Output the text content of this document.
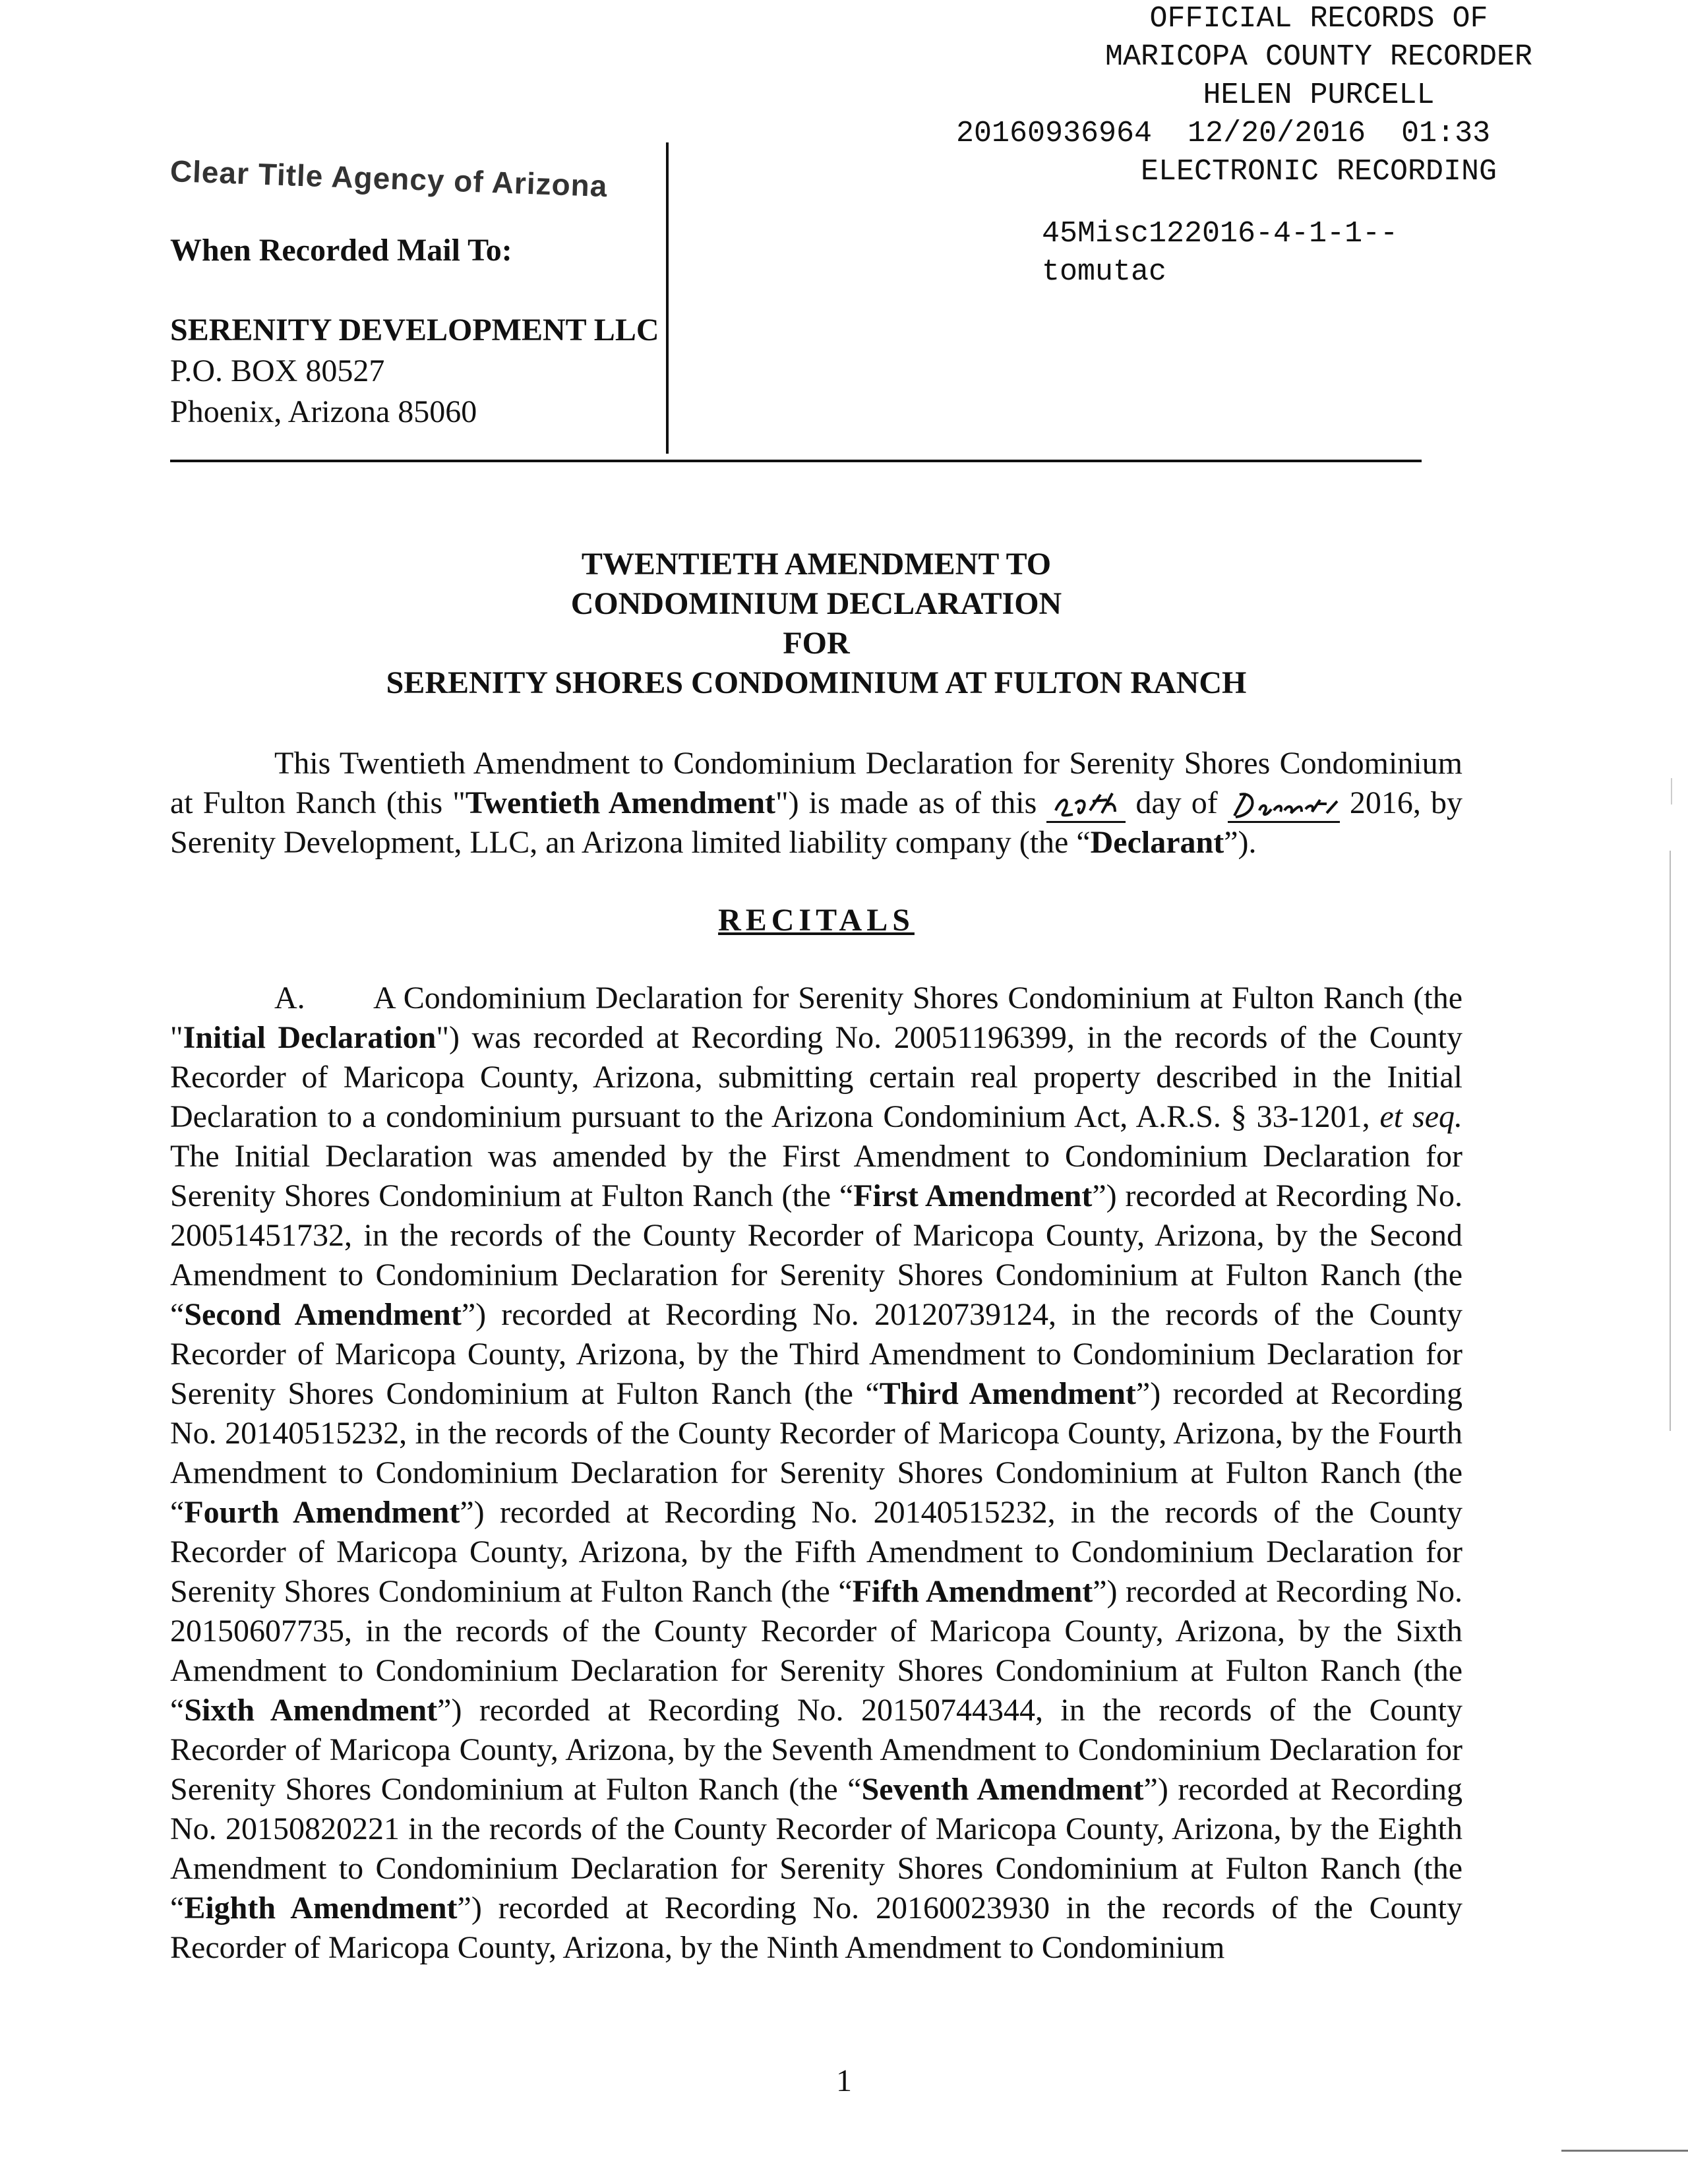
OFFICIAL RECORDS OF
MARICOPA COUNTY RECORDER
HELEN PURCELL
20160936964  12/20/2016  01:33
ELECTRONIC RECORDING
45Misc122016-4-1-1--
tomutac
Clear Title Agency of Arizona
When Recorded Mail To:
SERENITY DEVELOPMENT LLC
P.O. BOX 80527
Phoenix, Arizona 85060
TWENTIETH AMENDMENT TO
CONDOMINIUM DECLARATION
FOR
SERENITY SHORES CONDOMINIUM AT FULTON RANCH
This Twentieth Amendment to Condominium Declaration for Serenity Shores Condominium at Fulton Ranch (this "Twentieth Amendment") is made as of this	day of	2016, by Serenity Development, LLC, an Arizona limited liability company (the “Declarant”).
RECITALS
A. A Condominium Declaration for Serenity Shores Condominium at Fulton Ranch (the "Initial Declaration") was recorded at Recording No. 20051196399, in the records of the County Recorder of Maricopa County, Arizona, submitting certain real property described in the Initial Declaration to a condominium pursuant to the Arizona Condominium Act, A.R.S. § 33-1201, et seq. The Initial Declaration was amended by the First Amendment to Condominium Declaration for Serenity Shores Condominium at Fulton Ranch (the “First Amendment”) recorded at Recording No. 20051451732, in the records of the County Recorder of Maricopa County, Arizona, by the Second Amendment to Condominium Declaration for Serenity Shores Condominium at Fulton Ranch (the “Second Amendment”) recorded at Recording No. 20120739124, in the records of the County Recorder of Maricopa County, Arizona, by the Third Amendment to Condominium Declaration for Serenity Shores Condominium at Fulton Ranch (the “Third Amendment”) recorded at Recording No. 20140515232, in the records of the County Recorder of Maricopa County, Arizona, by the Fourth Amendment to Condominium Declaration for Serenity Shores Condominium at Fulton Ranch (the “Fourth Amendment”) recorded at Recording No. 20140515232, in the records of the County Recorder of Maricopa County, Arizona, by the Fifth Amendment to Condominium Declaration for Serenity Shores Condominium at Fulton Ranch (the “Fifth Amendment”) recorded at Recording No. 20150607735, in the records of the County Recorder of Maricopa County, Arizona, by the Sixth Amendment to Condominium Declaration for Serenity Shores Condominium at Fulton Ranch (the “Sixth Amendment”) recorded at Recording No. 20150744344, in the records of the County Recorder of Maricopa County, Arizona, by the Seventh Amendment to Condominium Declaration for Serenity Shores Condominium at Fulton Ranch (the “Seventh Amendment”) recorded at Recording No. 20150820221 in the records of the County Recorder of Maricopa County, Arizona, by the Eighth Amendment to Condominium Declaration for Serenity Shores Condominium at Fulton Ranch (the “Eighth Amendment”) recorded at Recording No. 20160023930 in the records of the County Recorder of Maricopa County, Arizona, by the Ninth Amendment to Condominium
1
